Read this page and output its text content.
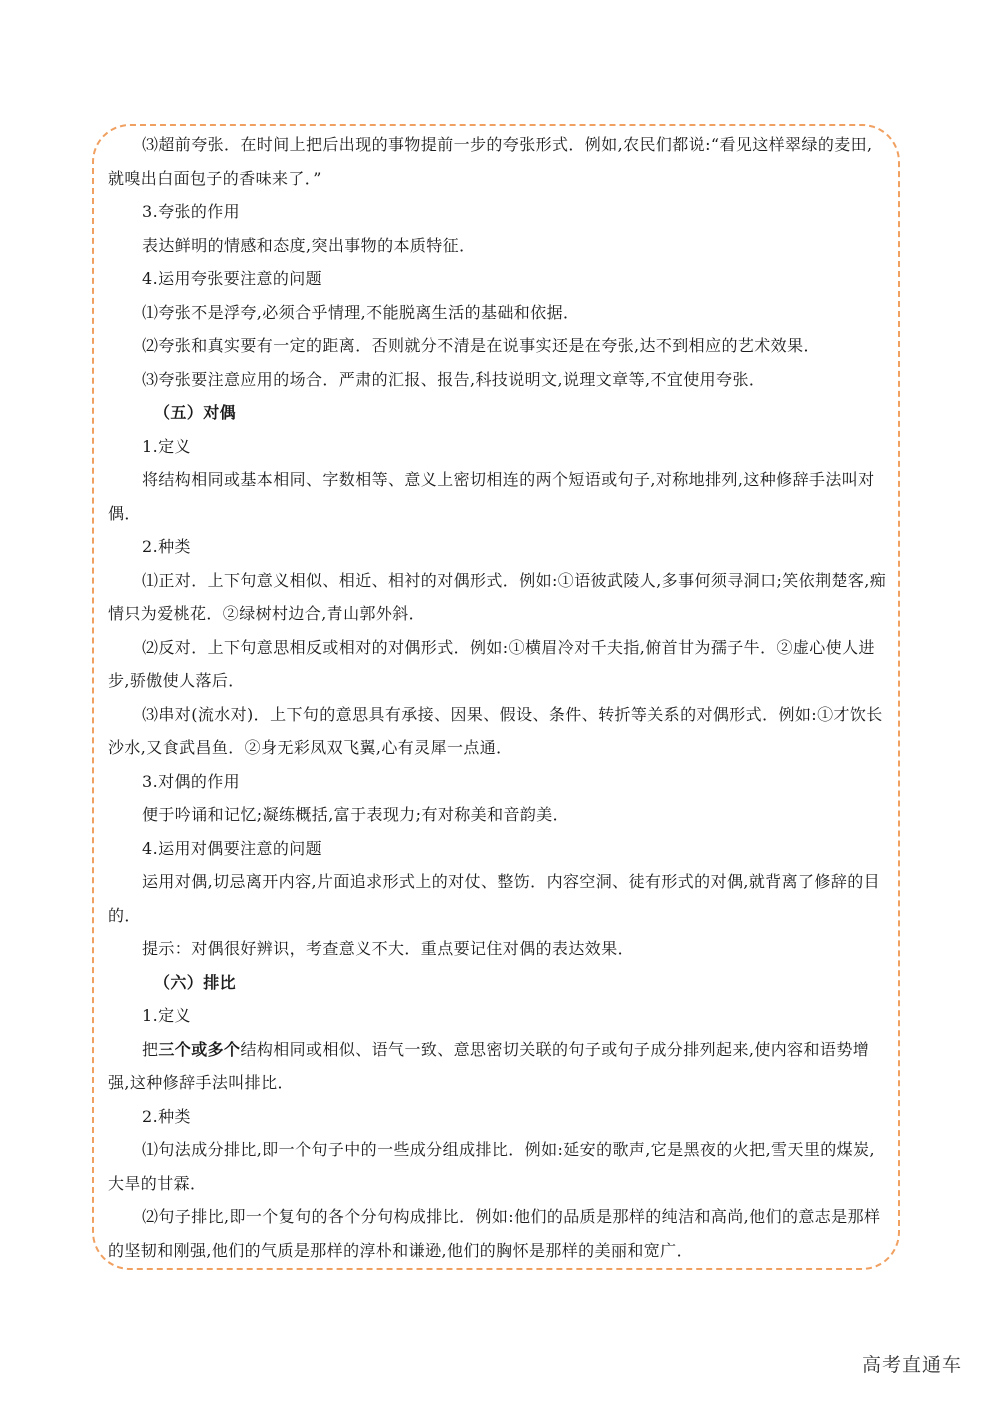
⑶超前夸张．在时间上把后出现的事物提前一步的夸张形式．例如,农民们都说:“看见这样翠绿的麦田,就嗅出白面包子的香味来了．”

3.夸张的作用

表达鲜明的情感和态度,突出事物的本质特征．

4.运用夸张要注意的问题

⑴夸张不是浮夸,必须合乎情理,不能脱离生活的基础和依据．

⑵夸张和真实要有一定的距离．否则就分不清是在说事实还是在夸张,达不到相应的艺术效果．

⑶夸张要注意应用的场合．严肃的汇报、报告,科技说明文,说理文章等,不宜使用夸张．

（五）对偶

1.定义

将结构相同或基本相同、字数相等、意义上密切相连的两个短语或句子,对称地排列,这种修辞手法叫对偶．

2.种类

⑴正对．上下句意义相似、相近、相衬的对偶形式．例如:①语彼武陵人,多事何须寻洞口;笑依荆楚客,痴情只为爱桃花．②绿树村边合,青山郭外斜．

⑵反对．上下句意思相反或相对的对偶形式．例如:①横眉冷对千夫指,俯首甘为孺子牛．②虚心使人进步,骄傲使人落后．

⑶串对(流水对)．上下句的意思具有承接、因果、假设、条件、转折等关系的对偶形式．例如:①才饮长沙水,又食武昌鱼．②身无彩凤双飞翼,心有灵犀一点通．

3.对偶的作用

便于吟诵和记忆;凝练概括,富于表现力;有对称美和音韵美．

4.运用对偶要注意的问题

运用对偶,切忌离开内容,片面追求形式上的对仗、整饬．内容空洞、徒有形式的对偶,就背离了修辞的目的．

提示：对偶很好辨识，考查意义不大．重点要记住对偶的表达效果．

（六）排比

1.定义

把三个或多个结构相同或相似、语气一致、意思密切关联的句子或句子成分排列起来,使内容和语势增强,这种修辞手法叫排比．

2.种类

⑴句法成分排比,即一个句子中的一些成分组成排比．例如:延安的歌声,它是黑夜的火把,雪天里的煤炭,大旱的甘霖．

⑵句子排比,即一个复句的各个分句构成排比．例如:他们的品质是那样的纯洁和高尚,他们的意志是那样的坚韧和刚强,他们的气质是那样的淳朴和谦逊,他们的胸怀是那样的美丽和宽广．

高考直通车
